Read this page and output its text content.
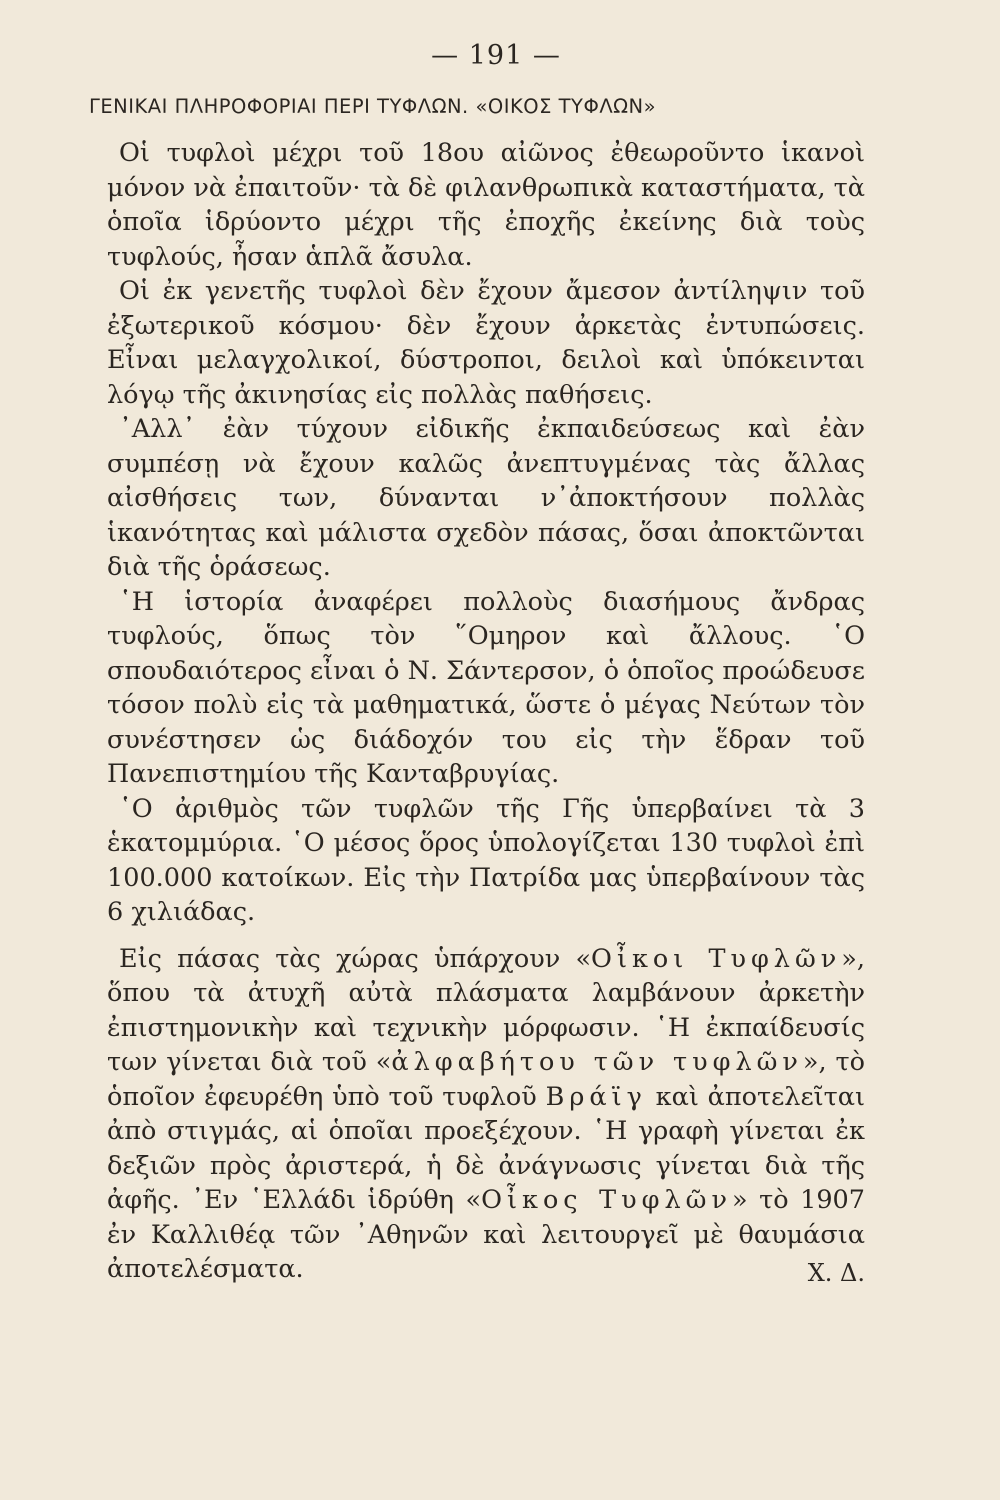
— 191 —
ΓΕΝΙΚΑΙ ΠΛΗΡΟΦΟΡΙΑΙ ΠΕΡΙ ΤΥΦΛΩΝ. «ΟΙΚΟΣ ΤΥΦΛΩΝ»

Οἱ τυφλοὶ μέχρι τοῦ 18ου αἰῶνος ἐθεωροῦντο ἱκανοὶ μόνον νὰ ἐπαιτοῦν· τὰ δὲ φιλανθρωπικὰ καταστήματα, τὰ ὁποῖα ἱδρύοντο μέχρι τῆς ἐποχῆς ἐκείνης διὰ τοὺς τυφλούς, ἦσαν ἁπλᾶ ἄσυλα.

Οἱ ἐκ γενετῆς τυφλοὶ δὲν ἔχουν ἄμεσον ἀντίληψιν τοῦ ἐξωτερικοῦ κόσμου· δὲν ἔχουν ἀρκετὰς ἐντυπώσεις. Εἶναι μελαγχολικοί, δύστροποι, δειλοὶ καὶ ὑπόκεινται λόγῳ τῆς ἀκινησίας εἰς πολλὰς παθήσεις.

᾿Αλλ᾿ ἐὰν τύχουν εἰδικῆς ἐκπαιδεύσεως καὶ ἐὰν συμπέσῃ νὰ ἔχουν καλῶς ἀνεπτυγμένας τὰς ἄλλας αἰσθήσεις των, δύνανται ν᾿ἀποκτήσουν πολλὰς ἱκανότητας καὶ μάλιστα σχεδὸν πάσας, ὅσαι ἀποκτῶνται διὰ τῆς ὁράσεως.

῾Η ἱστορία ἀναφέρει πολλοὺς διασήμους ἄνδρας τυφλούς, ὅπως τὸν ῞Ομηρον καὶ ἄλλους. ῾Ο σπουδαιότερος εἶναι ὁ Ν. Σάντερσον, ὁ ὁποῖος προώδευσε τόσον πολὺ εἰς τὰ μαθηματικά, ὥστε ὁ μέγας Νεύτων τὸν συνέστησεν ὡς διάδοχόν του εἰς τὴν ἕδραν τοῦ Πανεπιστημίου τῆς Κανταβρυγίας.

῾Ο ἀριθμὸς τῶν τυφλῶν τῆς Γῆς ὑπερβαίνει τὰ 3 ἑκατομμύρια. ῾Ο μέσος ὅρος ὑπολογίζεται 130 τυφλοὶ ἐπὶ 100.000 κατοίκων. Εἰς τὴν Πατρίδα μας ὑπερβαίνουν τὰς 6 χιλιάδας.

Εἰς πάσας τὰς χώρας ὑπάρχουν «Οἶκοι Τυφλῶν», ὅπου τὰ ἀτυχῆ αὐτὰ πλάσματα λαμβάνουν ἀρκετὴν ἐπιστημονικὴν καὶ τεχνικὴν μόρφωσιν. ῾Η ἐκπαίδευσίς των γίνεται διὰ τοῦ «ἀλφαβήτου τῶν τυφλῶν», τὸ ὁποῖον ἐφευρέθη ὑπὸ τοῦ τυφλοῦ Βράϊγ καὶ ἀποτελεῖται ἀπὸ στιγμάς, αἱ ὁποῖαι προεξέχουν. ῾Η γραφὴ γίνεται ἐκ δεξιῶν πρὸς ἀριστερά, ἡ δὲ ἀνάγνωσις γίνεται διὰ τῆς ἀφῆς. ᾿Εν ῾Ελλάδι ἱδρύθη «Οἶκος Τυφλῶν» τὸ 1907 ἐν Καλλιθέᾳ τῶν ᾿Αθηνῶν καὶ λειτουργεῖ μὲ θαυμάσια ἀποτελέσματα.	Χ. Δ.
